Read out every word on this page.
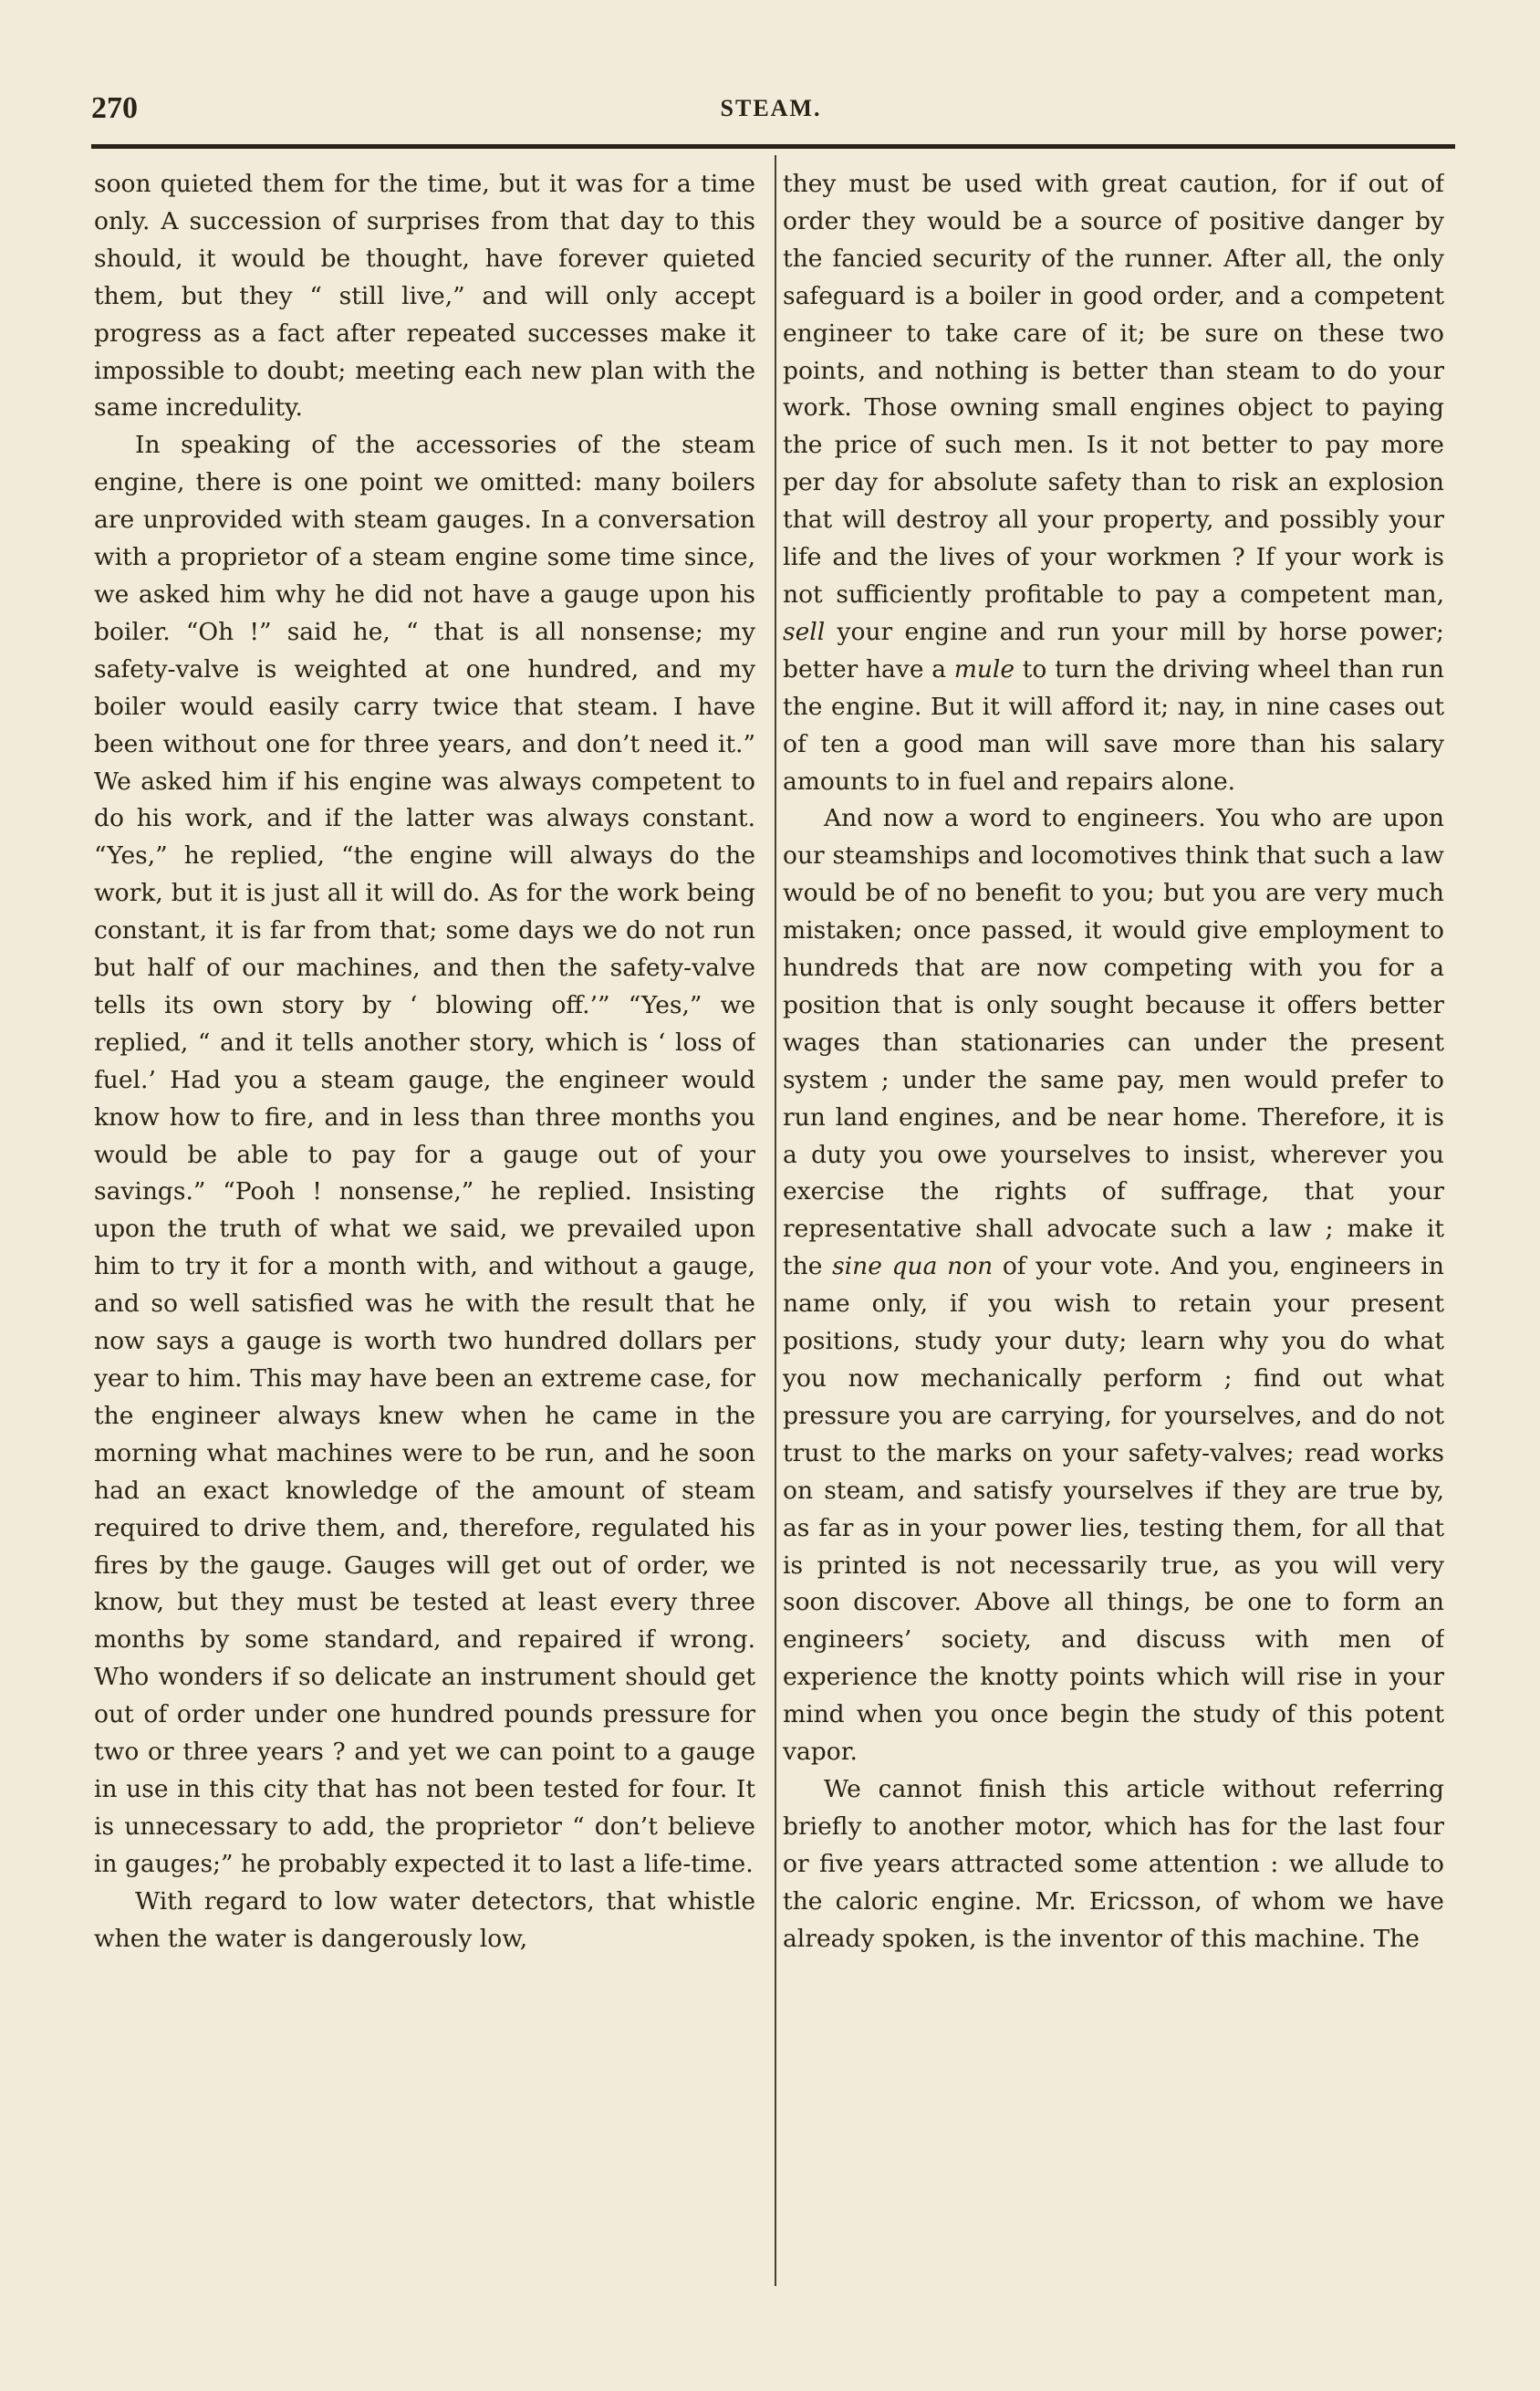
270	STEAM.

soon quieted them for the time, but it was for a time only. A succession of surprises from that day to this should, it would be thought, have forever quieted them, but they “ still live,” and will only accept progress as a fact after repeated successes make it impossible to doubt; meeting each new plan with the same incredulity.

In speaking of the accessories of the steam engine, there is one point we omitted: many boilers are unprovided with steam gauges. In a conversation with a proprietor of a steam engine some time since, we asked him why he did not have a gauge upon his boiler. “Oh !” said he, “ that is all nonsense; my safety-valve is weighted at one hundred, and my boiler would easily carry twice that steam. I have been without one for three years, and don’t need it.” We asked him if his engine was always competent to do his work, and if the latter was always constant. “Yes,” he replied, “the engine will always do the work, but it is just all it will do. As for the work being constant, it is far from that; some days we do not run but half of our machines, and then the safety-valve tells its own story by ‘ blowing off.’” “Yes,” we replied, “ and it tells another story, which is ‘ loss of fuel.’ Had you a steam gauge, the engineer would know how to fire, and in less than three months you would be able to pay for a gauge out of your savings.” “Pooh ! nonsense,” he replied. Insisting upon the truth of what we said, we prevailed upon him to try it for a month with, and without a gauge, and so well satisfied was he with the result that he now says a gauge is worth two hundred dollars per year to him. This may have been an extreme case, for the engineer always knew when he came in the morning what machines were to be run, and he soon had an exact knowledge of the amount of steam required to drive them, and, therefore, regulated his fires by the gauge. Gauges will get out of order, we know, but they must be tested at least every three months by some standard, and repaired if wrong. Who wonders if so delicate an instrument should get out of order under one hundred pounds pressure for two or three years ? and yet we can point to a gauge in use in this city that has not been tested for four. It is unnecessary to add, the proprietor “ don’t believe in gauges;” he probably expected it to last a life-time.

With regard to low water detectors, that whistle when the water is dangerously low,

they must be used with great caution, for if out of order they would be a source of positive danger by the fancied security of the runner. After all, the only safeguard is a boiler in good order, and a competent engineer to take care of it; be sure on these two points, and nothing is better than steam to do your work. Those owning small engines object to paying the price of such men. Is it not better to pay more per day for absolute safety than to risk an explosion that will destroy all your property, and possibly your life and the lives of your workmen ? If your work is not sufficiently profitable to pay a competent man, sell your engine and run your mill by horse power; better have a mule to turn the driving wheel than run the engine. But it will afford it; nay, in nine cases out of ten a good man will save more than his salary amounts to in fuel and repairs alone.

And now a word to engineers. You who are upon our steamships and locomotives think that such a law would be of no benefit to you; but you are very much mistaken; once passed, it would give employment to hundreds that are now competing with you for a position that is only sought because it offers better wages than stationaries can under the present system ; under the same pay, men would prefer to run land engines, and be near home. Therefore, it is a duty you owe yourselves to insist, wherever you exercise the rights of suffrage, that your representative shall advocate such a law ; make it the sine qua non of your vote. And you, engineers in name only, if you wish to retain your present positions, study your duty; learn why you do what you now mechanically perform ; find out what pressure you are carrying, for yourselves, and do not trust to the marks on your safety-valves; read works on steam, and satisfy yourselves if they are true by, as far as in your power lies, testing them, for all that is printed is not necessarily true, as you will very soon discover. Above all things, be one to form an engineers’ society, and discuss with men of experience the knotty points which will rise in your mind when you once begin the study of this potent vapor.

We cannot finish this article without referring briefly to another motor, which has for the last four or five years attracted some attention : we allude to the caloric engine. Mr. Ericsson, of whom we have already spoken, is the inventor of this machine. The
